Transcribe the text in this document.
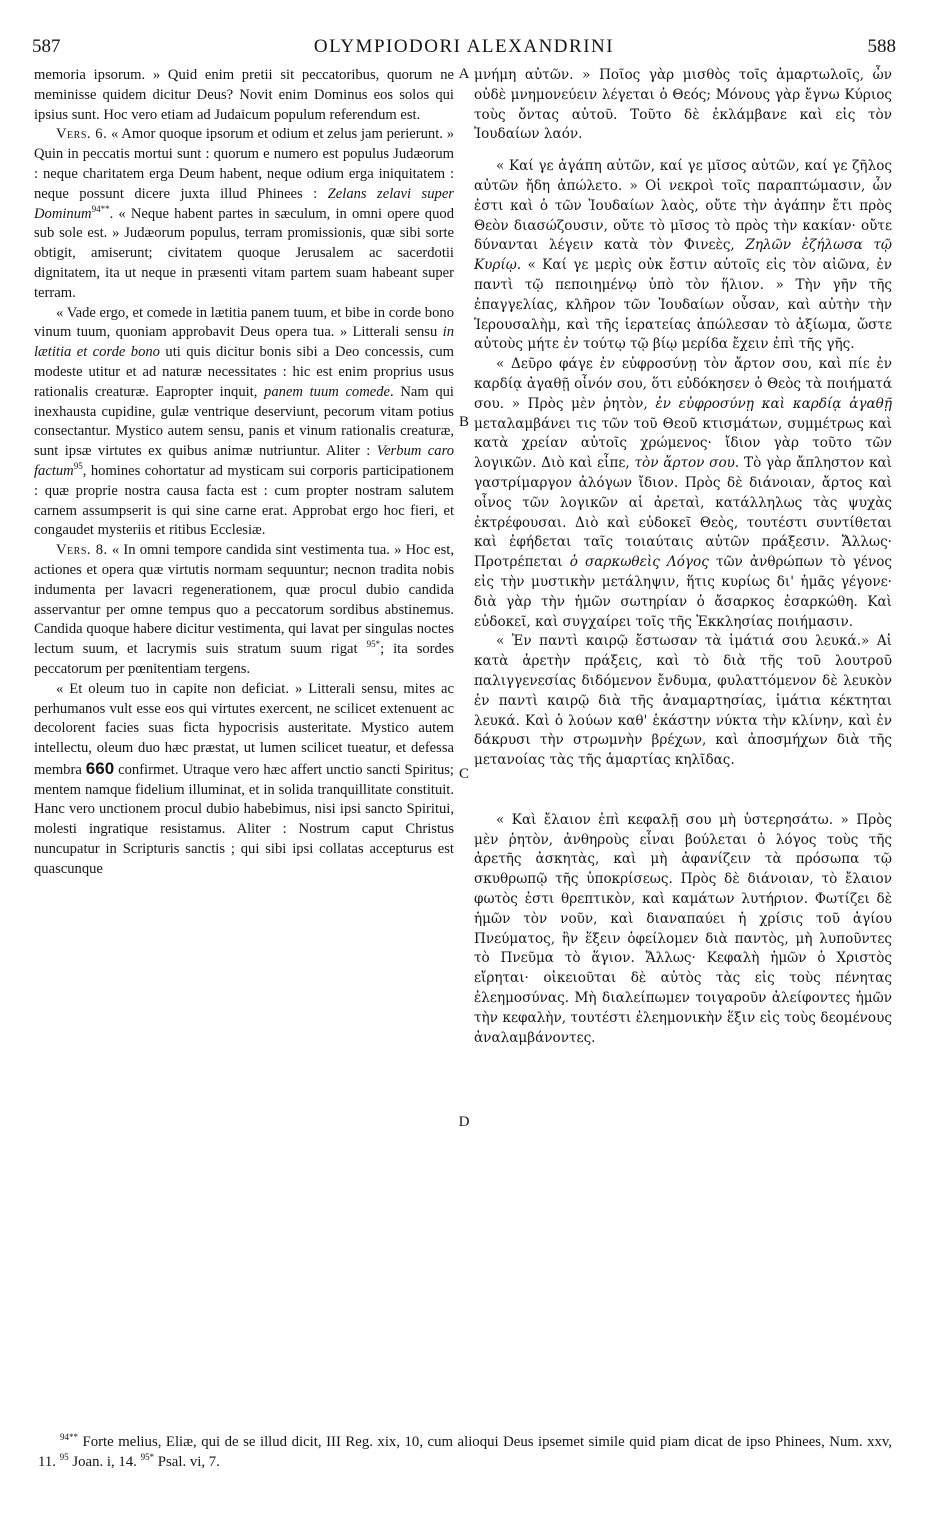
587	OLYMPIODORI ALEXANDRINI	588

memoria ipsorum. » Quid enim pretii sit peccatoribus, quorum ne meminisse quidem dicitur Deus? Novit enim Dominus eos solos qui ipsius sunt. Hoc vero etiam ad Judaicum populum referendum est.

Vers. 6. « Amor quoque ipsorum et odium et zelus jam perierunt. » Quin in peccatis mortui sunt : quorum e numero est populus Judæorum : neque charitatem erga Deum habent, neque odium erga iniquitatem : neque possunt dicere juxta illud Phinees : Zelans zelavi super Dominum$^{94**}$. « Neque habent partes in sæculum, in omni opere quod sub sole est. » Judæorum populus, terram promissionis, quæ sibi sorte obtigit, amiserunt; civitatem quoque Jerusalem ac sacerdotii dignitatem, ita ut neque in præsenti vitam partem suam habeant super terram.

« Vade ergo, et comede in lætitia panem tuum, et bibe in corde bono vinum tuum, quoniam approbavit Deus opera tua. » Litterali sensu in lætitia et corde bono uti quis dicitur bonis sibi a Deo concessis, cum modeste utitur et ad naturæ necessitates : hic est enim proprius usus rationalis creaturæ. Eapropter inquit, panem tuum comede. Nam qui inexhausta cupidine, gulæ ventrique deserviunt, pecorum vitam potius consectantur. Mystico autem sensu, panis et vinum rationalis creaturæ, sunt ipsæ virtutes ex quibus animæ nutriuntur. Aliter : Verbum caro factum$^{95}$, homines cohortatur ad mysticam sui corporis participationem : quæ proprie nostra causa facta est : cum propter nostram salutem carnem assumpserit is qui sine carne erat. Approbat ergo hoc fieri, et congaudet mysteriis et ritibus Ecclesiæ.

Vers. 8. « In omni tempore candida sint vestimenta tua. » Hoc est, actiones et opera quæ virtutis normam sequuntur; necnon tradita nobis indumenta per lavacri regenerationem, quæ procul dubio candida asservantur per omne tempus quo a peccatorum sordibus abstinemus. Candida quoque habere dicitur vestimenta, qui lavat per singulas noctes lectum suum, et lacrymis suis stratum suum rigat $^{95*}$; ita sordes peccatorum per pœnitentiam tergens.

« Et oleum tuo in capite non deficiat. » Litterali sensu, mites ac perhumanos vult esse eos qui virtutes exercent, ne scilicet extenuent ac decolorent facies suas ficta hypocrisis austeritate. Mystico autem intellectu, oleum duo hæc præstat, ut lumen scilicet tueatur, et defessa membra 660 confirmet. Utraque vero hæc affert unctio sancti Spiritus; mentem namque fidelium illuminat, et in solida tranquillitate constituit. Hanc vero unctionem procul dubio habebimus, nisi ipsi sancto Spiritui, molesti ingratique resistamus. Aliter : Nostrum caput Christus nuncupatur in Scripturis sanctis ; qui sibi ipsi collatas accepturus est quascunque

A
B
C
D

μνήμη αὐτῶν. » Ποῖος γὰρ μισθὸς τοῖς ἁμαρτωλοῖς, ὧν οὐδὲ μνημονεύειν λέγεται ὁ Θεός; Μόνους γὰρ ἔγνω Κύριος τοὺς ὄντας αὐτοῦ. Τοῦτο δὲ ἐκλάμβανε καὶ εἰς τὸν Ἰουδαίων λαόν.

« Καί γε ἀγάπη αὐτῶν, καί γε μῖσος αὐτῶν, καί γε ζῆλος αὐτῶν ἤδη ἀπώλετο. » Οἱ νεκροὶ τοῖς παραπτώμασιν, ὧν ἐστι καὶ ὁ τῶν Ἰουδαίων λαὸς, οὔτε τὴν ἀγάπην ἔτι πρὸς Θεὸν διασώζουσιν, οὔτε τὸ μῖσος τὸ πρὸς τὴν κακίαν· οὔτε δύνανται λέγειν κατὰ τὸν Φινεὲς, Ζηλῶν ἐζήλωσα τῷ Κυρίῳ. « Καί γε μερὶς οὐκ ἔστιν αὐτοῖς εἰς τὸν αἰῶνα, ἐν παντὶ τῷ πεποιημένῳ ὑπὸ τὸν ἥλιον. » Τὴν γῆν τῆς ἐπαγγελίας, κλῆρον τῶν Ἰουδαίων οὖσαν, καὶ αὐτὴν τὴν Ἱερουσαλὴμ, καὶ τῆς ἱερατείας ἀπώλεσαν τὸ ἀξίωμα, ὥστε αὐτοὺς μήτε ἐν τούτῳ τῷ βίῳ μερίδα ἔχειν ἐπὶ τῆς γῆς.

« Δεῦρο φάγε ἐν εὐφροσύνῃ τὸν ἄρτον σου, καὶ πίε ἐν καρδίᾳ ἀγαθῇ οἶνόν σου, ὅτι εὐδόκησεν ὁ Θεὸς τὰ ποιήματά σου. » Πρὸς μὲν ῥητὸν, ἐν εὐφροσύνῃ καὶ καρδίᾳ ἀγαθῇ μεταλαμβάνει τις τῶν τοῦ Θεοῦ κτισμάτων, συμμέτρως καὶ κατὰ χρείαν αὐτοῖς χρώμενος· ἴδιον γὰρ τοῦτο τῶν λογικῶν. Διὸ καὶ εἶπε, τὸν ἄρτον σου. Τὸ γὰρ ἄπληστον καὶ γαστρίμαργον ἀλόγων ἴδιον. Πρὸς δὲ διάνοιαν, ἄρτος καὶ οἶνος τῶν λογικῶν αἱ ἀρεταὶ, κατάλληλως τὰς ψυχὰς ἐκτρέφουσαι. Διὸ καὶ εὐδοκεῖ Θεὸς, τουτέστι συντίθεται καὶ ἐφήδεται ταῖς τοιαύταις αὐτῶν πράξεσιν. Ἄλλως· Προτρέπεται ὁ σαρκωθεὶς Λόγος τῶν ἀνθρώπων τὸ γένος εἰς τὴν μυστικὴν μετάληψιν, ἥτις κυρίως δι' ἡμᾶς γέγονε· διὰ γὰρ τὴν ἡμῶν σωτηρίαν ὁ ἄσαρκος ἐσαρκώθη. Καὶ εὐδοκεῖ, καὶ συγχαίρει τοῖς τῆς Ἐκκλησίας ποιήμασιν.

« Ἐν παντὶ καιρῷ ἔστωσαν τὰ ἱμάτιά σου λευκά.» Αἱ κατὰ ἀρετὴν πράξεις, καὶ τὸ διὰ τῆς τοῦ λουτροῦ παλιγγενεσίας διδόμενον ἔνδυμα, φυλαττόμενον δὲ λευκὸν ἐν παντὶ καιρῷ διὰ τῆς ἀναμαρτησίας, ἱμάτια κέκτηται λευκά. Καὶ ὁ λούων καθ' ἑκάστην νύκτα τὴν κλίνην, καὶ ἐν δάκρυσι τὴν στρωμνὴν βρέχων, καὶ ἀποσμήχων διὰ τῆς μετανοίας τὰς τῆς ἁμαρτίας κηλῖδας.

« Καὶ ἔλαιον ἐπὶ κεφαλῇ σου μὴ ὑστερησάτω. » Πρὸς μὲν ῥητὸν, ἀνθηροὺς εἶναι βούλεται ὁ λόγος τοὺς τῆς ἀρετῆς ἀσκητὰς, καὶ μὴ ἀφανίζειν τὰ πρόσωπα τῷ σκυθρωπῷ τῆς ὑποκρίσεως. Πρὸς δὲ διάνοιαν, τὸ ἔλαιον φωτὸς ἐστι θρεπτικὸν, καὶ καμάτων λυτήριον. Φωτίζει δὲ ἡμῶν τὸν νοῦν, καὶ διαναπαύει ἡ χρίσις τοῦ ἁγίου Πνεύματος, ἣν ἕξειν ὀφείλομεν διὰ παντὸς, μὴ λυποῦντες τὸ Πνεῦμα τὸ ἅγιον. Ἄλλως· Κεφαλὴ ἡμῶν ὁ Χριστὸς εἴρηται· οἰκειοῦται δὲ αὐτὸς τὰς εἰς τοὺς πένητας ἐλεημοσύνας. Μὴ διαλείπωμεν τοιγαροῦν ἀλείφοντες ἡμῶν τὴν κεφαλὴν, τουτέστι ἐλεημονικὴν ἕξιν εἰς τοὺς δεομένους ἀναλαμβάνοντες.

$^{94**}$ Forte melius, Eliæ, qui de se illud dicit, III Reg. xix, 10, cum alioqui Deus ipsemet simile quid piam dicat de ipso Phinees, Num. xxv, 11. $^{95}$ Joan. i, 14. $^{95*}$ Psal. vi, 7.
